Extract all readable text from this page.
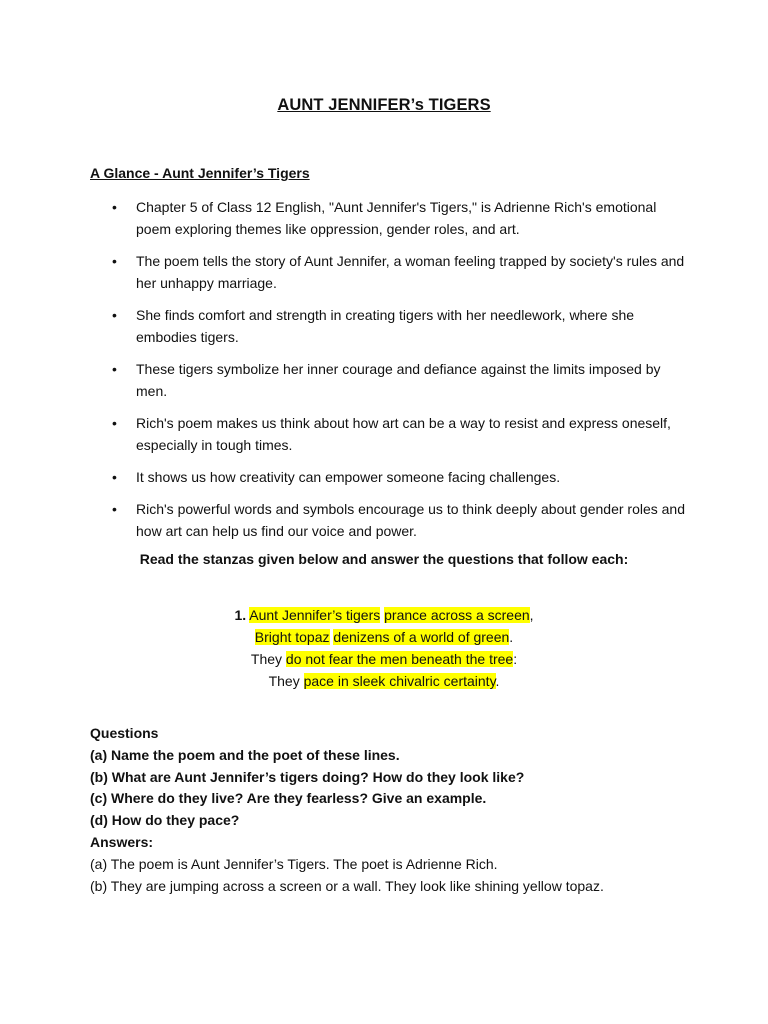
AUNT JENNIFER’s TIGERS
A Glance - Aunt Jennifer’s Tigers
• Chapter 5 of Class 12 English, "Aunt Jennifer's Tigers," is Adrienne Rich's emotional poem exploring themes like oppression, gender roles, and art.
• The poem tells the story of Aunt Jennifer, a woman feeling trapped by society's rules and her unhappy marriage.
• She finds comfort and strength in creating tigers with her needlework, where she embodies tigers.
• These tigers symbolize her inner courage and defiance against the limits imposed by men.
• Rich's poem makes us think about how art can be a way to resist and express oneself, especially in tough times.
• It shows us how creativity can empower someone facing challenges.
• Rich's powerful words and symbols encourage us to think deeply about gender roles and how art can help us find our voice and power.
Read the stanzas given below and answer the questions that follow each:
1. Aunt Jennifer’s tigers prance across a screen,
Bright topaz denizens of a world of green.
They do not fear the men beneath the tree:
They pace in sleek chivalric certainty.
Questions
(a) Name the poem and the poet of these lines.
(b) What are Aunt Jennifer’s tigers doing? How do they look like?
(c) Where do they live? Are they fearless? Give an example.
(d) How do they pace?
Answers:
(a) The poem is Aunt Jennifer’s Tigers. The poet is Adrienne Rich.
(b) They are jumping across a screen or a wall. They look like shining yellow topaz.
